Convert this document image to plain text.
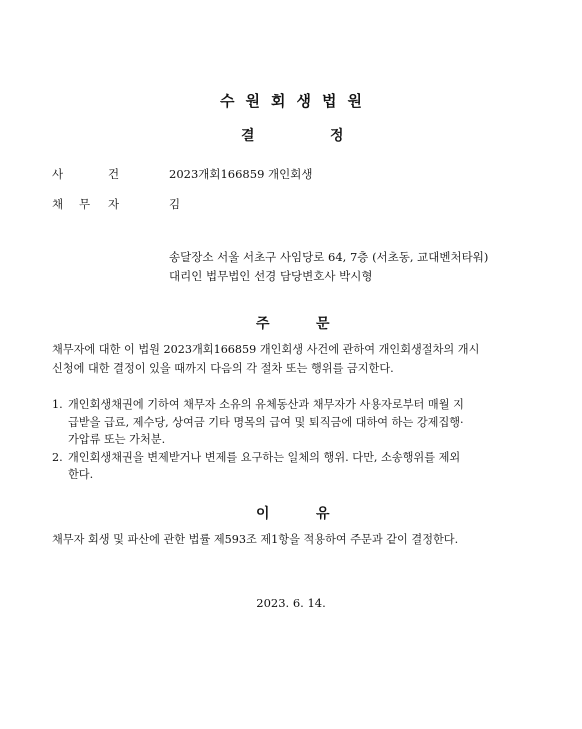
수원회생법원
결	정
사	건	2023개회166859 개인회생
채 무 자	김
송달장소 서울 서초구 사임당로 64, 7층 (서초동, 교대벤처타워)
대리인 법무법인 선경 담당변호사 박시형
주	문
채무자에 대한 이 법원 2023개회166859 개인회생 사건에 관하여 개인회생절차의 개시
신청에 대한 결정이 있을 때까지 다음의 각 절차 또는 행위를 금지한다.
1. 개인회생채권에 기하여 채무자 소유의 유체동산과 채무자가 사용자로부터 매월 지
급받을 급료, 제수당, 상여금 기타 명목의 급여 및 퇴직금에 대하여 하는 강제집행·
가압류 또는 가처분.
2. 개인회생채권을 변제받거나 변제를 요구하는 일체의 행위. 다만, 소송행위를 제외
한다.
이	유
채무자 회생 및 파산에 관한 법률 제593조 제1항을 적용하여 주문과 같이 결정한다.
2023. 6. 14.
